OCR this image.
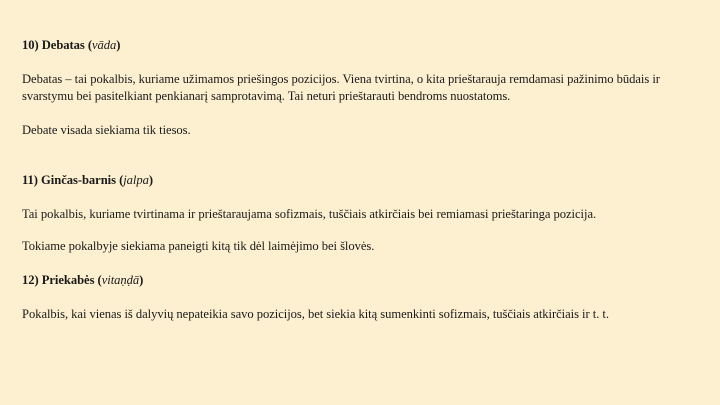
10) Debatas (vāda)

Debatas – tai pokalbis, kuriame užimamos priešingos pozicijos. Viena tvirtina, o kita prieštarauja remdamasi pažinimo būdais ir svarstymu bei pasitelkiant penkianarį samprotavimą. Tai neturi prieštarauti bendroms nuostatoms.

Debate visada siekiama tik tiesos.

11) Ginčas-barnis (jalpa)

Tai pokalbis, kuriame tvirtinama ir prieštaraujama sofizmais, tuščiais atkirčiais bei remiamasi prieštaringa pozicija.

Tokiame pokalbyje siekiama paneigti kitą tik dėl laimėjimo bei šlovės.

12) Priekabės (vitaṇḍā)

Pokalbis, kai vienas iš dalyvių nepateikia savo pozicijos, bet siekia kitą sumenkinti sofizmais, tuščiais atkirčiais ir t. t.
